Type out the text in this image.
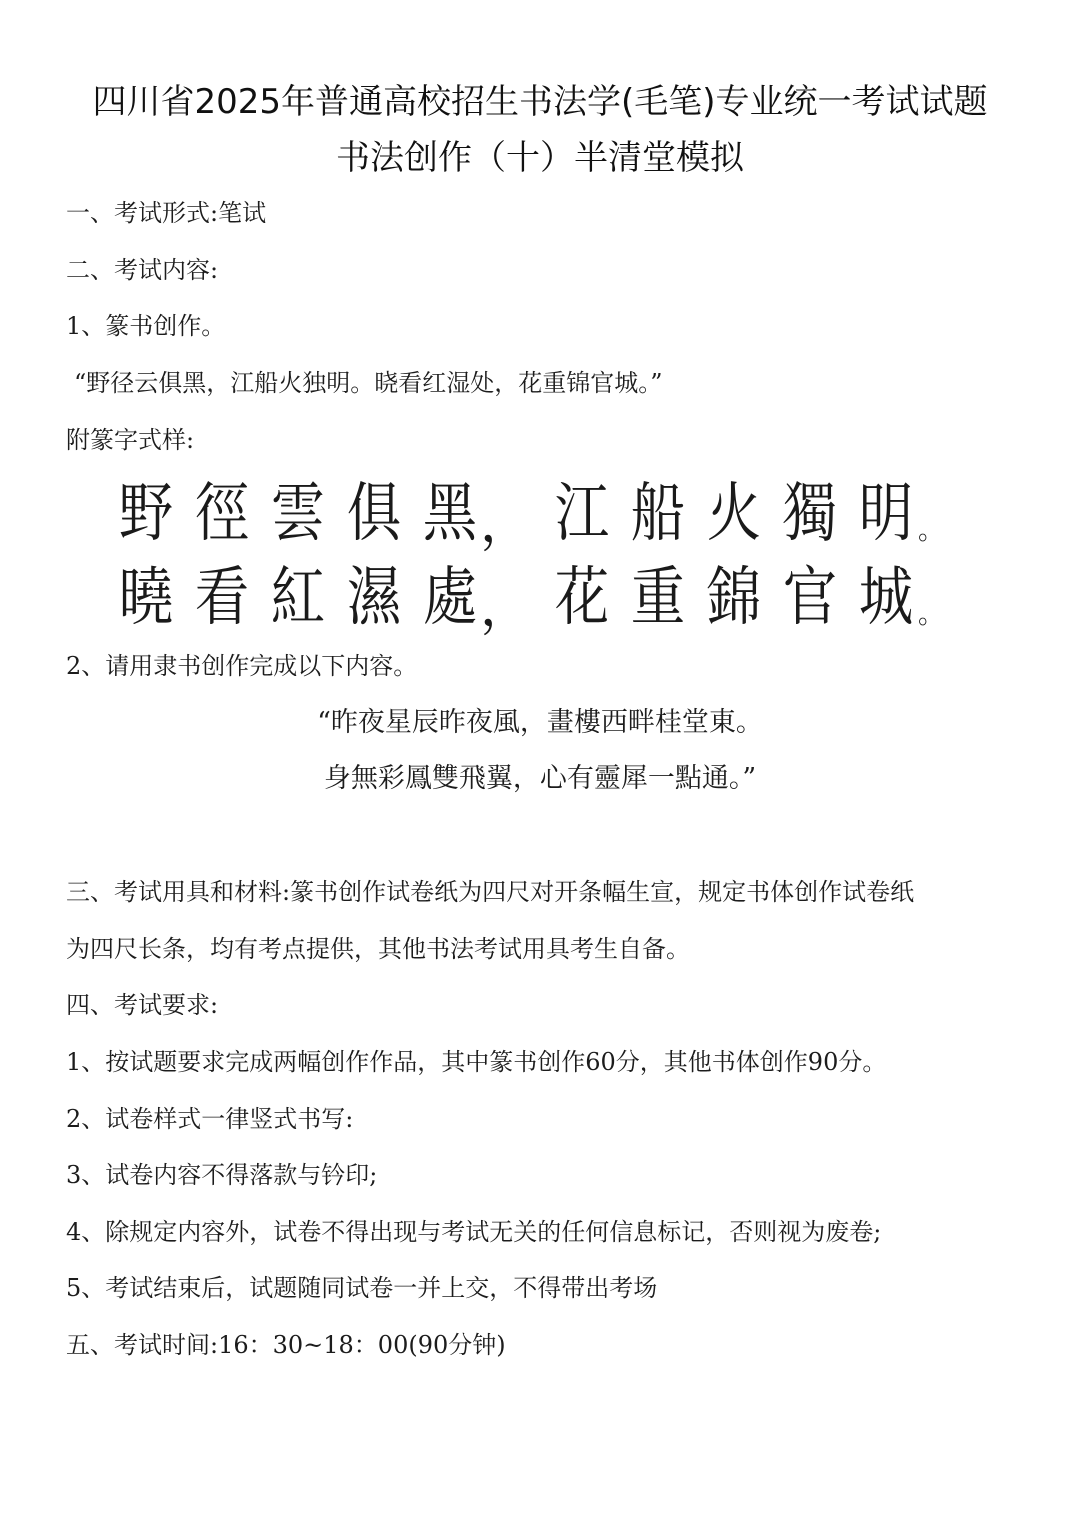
四川省2025年普通高校招生书法学(毛笔)专业统一考试试题
书法创作（十）半清堂模拟
一、考试形式:笔试
二、考试内容:
1、篆书创作。
“野径云俱黑，江船火独明。晓看红湿处，花重锦官城。”
附篆字式样:
野 徑 雲 俱 黑 ， 江 船 火 獨 明 。
曉 看 紅 濕 處 ， 花 重 錦 官 城 。
2、请用隶书创作完成以下内容。
“昨夜星辰昨夜風，畫樓西畔桂堂東。
身無彩鳳雙飛翼，心有靈犀一點通。”
三、考试用具和材料:篆书创作试卷纸为四尺对开条幅生宣，规定书体创作试卷纸
为四尺长条，均有考点提供，其他书法考试用具考生自备。
四、考试要求:
1、按试题要求完成两幅创作作品，其中篆书创作60分，其他书体创作90分。
2、试卷样式一律竖式书写:
3、试卷内容不得落款与钤印;
4、除规定内容外，试卷不得出现与考试无关的任何信息标记，否则视为废卷;
5、考试结束后，试题随同试卷一并上交，不得带出考场
五、考试时间:16：30~18：00(90分钟)
